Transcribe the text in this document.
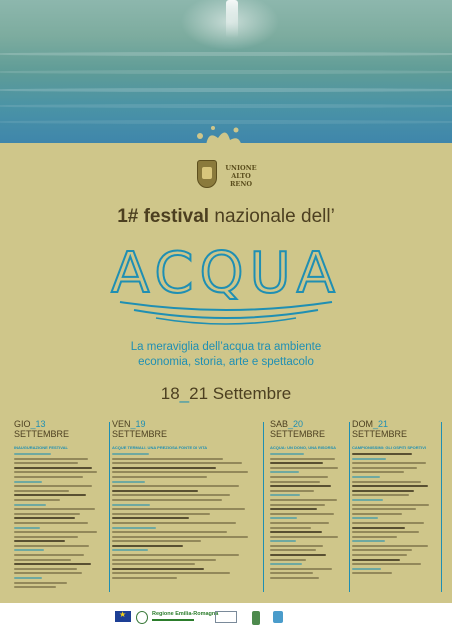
UNIONE
ALTO
RENO
1# festival nazionale dell’
ACQUA
La meraviglia dell’acqua tra ambiente
economia, storia, arte e spettacolo
18_21 Settembre
GIO_13
SETTEMBRE
INAUGURAZIONE FESTIVAL
VEN_19
SETTEMBRE
ACQUE TERMALI. UNA PREZIOSA FONTE DI VITA
SAB_20
SETTEMBRE
ACQUA: UN DONO, UNA RISORSA
DOM_21
SETTEMBRE
CAMPIONISSIMI: GLI OSPITI SPORTIVI
★
Regione Emilia-Romagna
